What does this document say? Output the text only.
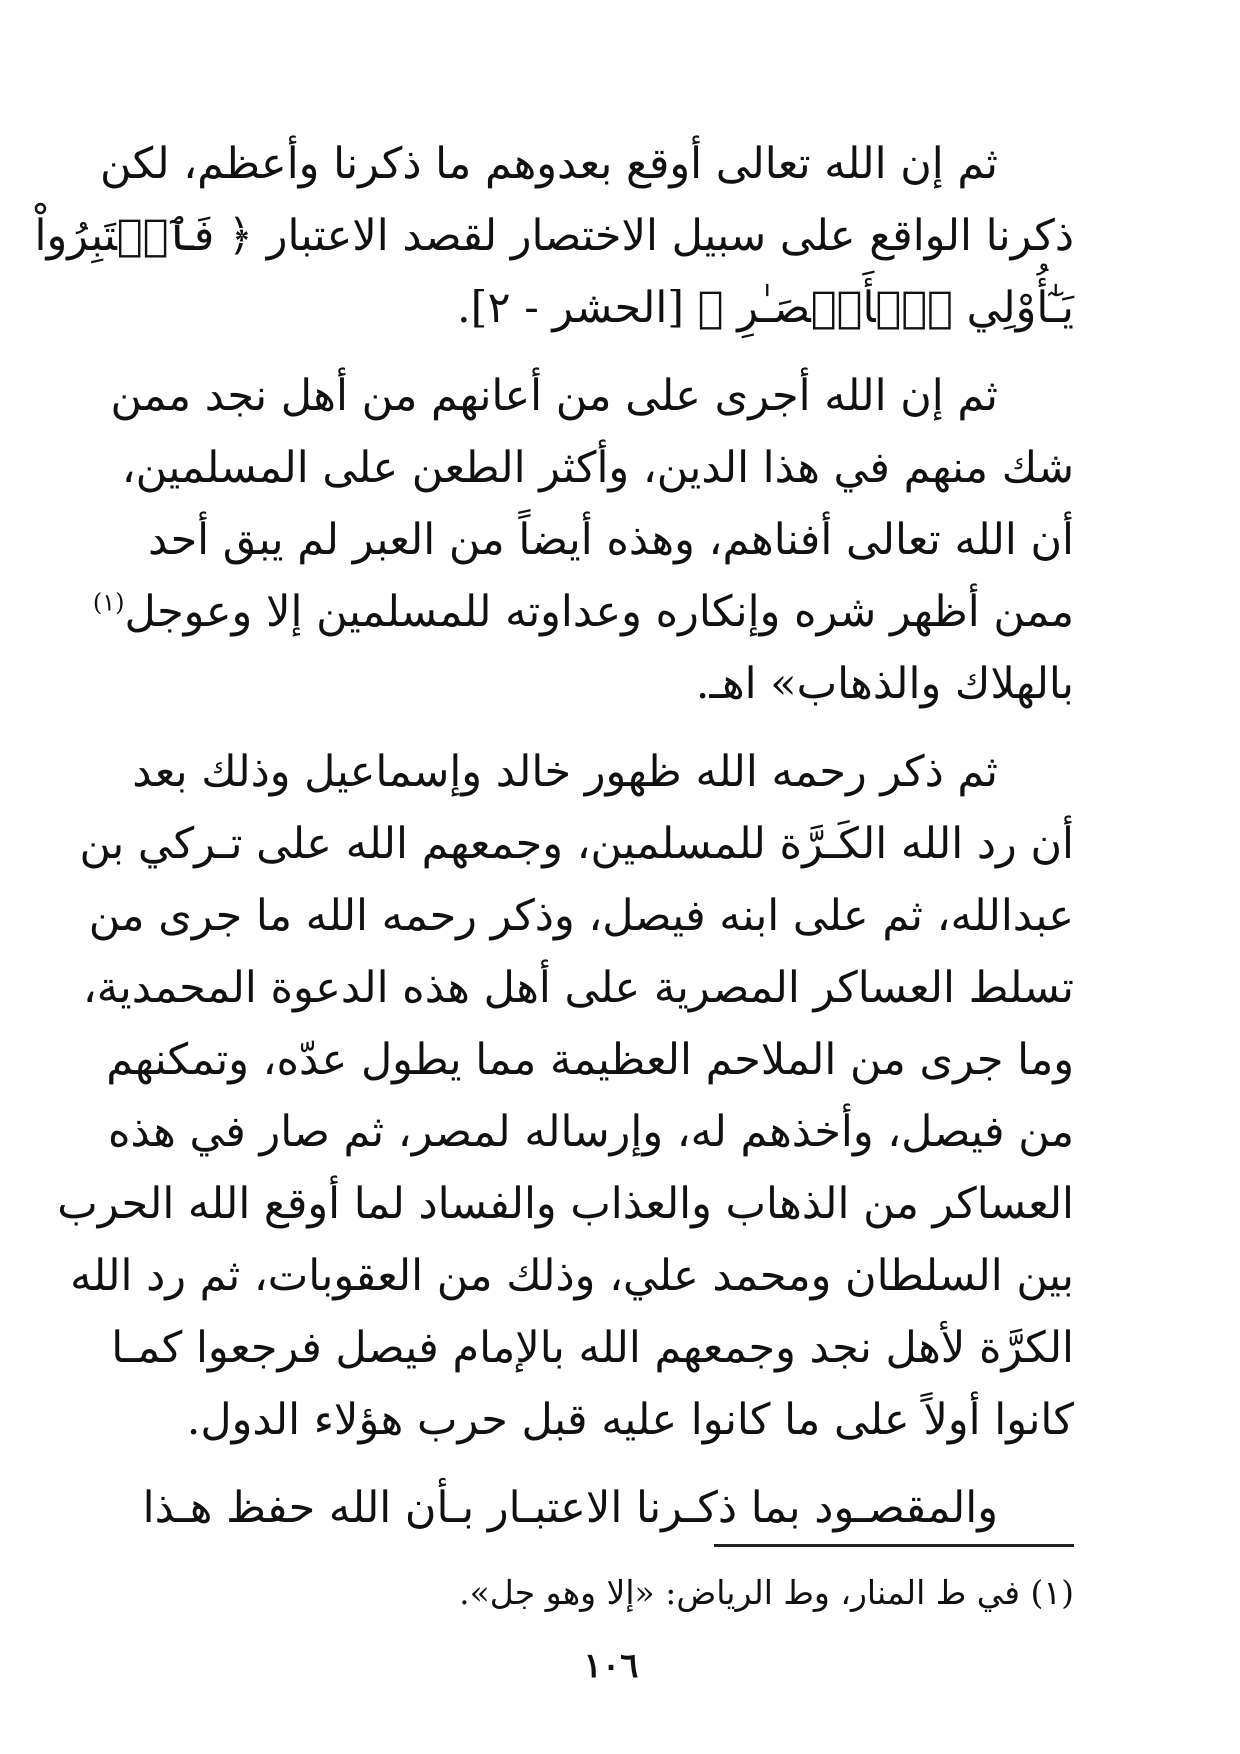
ثم إن الله تعالى أوقع بعدوهم ما ذكرنا وأعظم، لكن
ذكرنا الواقع على سبيل الاختصار لقصد الاعتبار ﴿ فَٱعۡتَبِرُواْ
يَـٰٓأُوْلِي ٱلۡأَبۡصَـٰرِ ﴾ [الحشر - ٢].

ثم إن الله أجرى على من أعانهم من أهل نجد ممن
شك منهم في هذا الدين، وأكثر الطعن على المسلمين،
أن الله تعالى أفناهم، وهذه أيضاً من العبر لم يبق أحد
ممن أظهر شره وإنكاره وعداوته للمسلمين إلا وعوجل$^{(١)}$
بالهلاك والذهاب» اهـ.

ثم ذكر رحمه الله ظهور خالد وإسماعيل وذلك بعد
أن رد الله الكَـرَّة للمسلمين، وجمعهم الله على تـركي بن
عبدالله، ثم على ابنه فيصل، وذكر رحمه الله ما جرى من
تسلط العساكر المصرية على أهل هذه الدعوة المحمدية،
وما جرى من الملاحم العظيمة مما يطول عدّه، وتمكنهم
من فيصل، وأخذهم له، وإرساله لمصر، ثم صار في هذه
العساكر من الذهاب والعذاب والفساد لما أوقع الله الحرب
بين السلطان ومحمد علي، وذلك من العقوبات، ثم رد الله
الكرَّة لأهل نجد وجمعهم الله بالإمام فيصل فرجعوا كمـا
كانوا أولاً على ما كانوا عليه قبل حرب هؤلاء الدول.

والمقصـود بما ذكـرنا الاعتبـار بـأن الله حفظ هـذا

(١) في ط المنار، وط الرياض: «إلا وهو جل».
١٠٦
